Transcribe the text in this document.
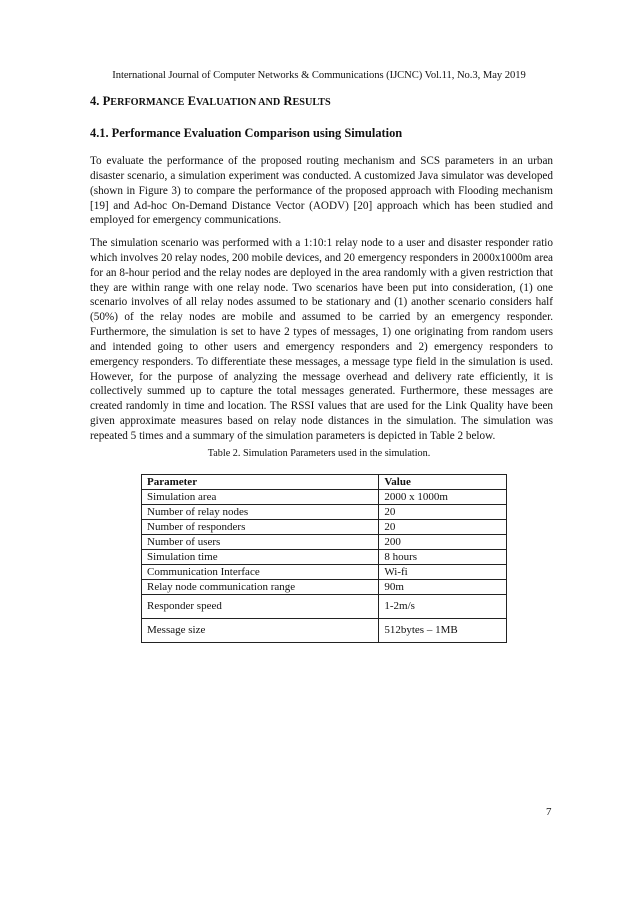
International Journal of Computer Networks & Communications (IJCNC) Vol.11, No.3, May 2019
4. PERFORMANCE EVALUATION AND RESULTS
4.1. Performance Evaluation Comparison using Simulation

To evaluate the performance of the proposed routing mechanism and SCS parameters in an urban disaster scenario, a simulation experiment was conducted. A customized Java simulator was developed (shown in Figure 3) to compare the performance of the proposed approach with Flooding mechanism [19] and Ad-hoc On-Demand Distance Vector (AODV) [20] approach which has been studied and employed for emergency communications.

The simulation scenario was performed with a 1:10:1 relay node to a user and disaster responder ratio which involves 20 relay nodes, 200 mobile devices, and 20 emergency responders in 2000x1000m area for an 8-hour period and the relay nodes are deployed in the area randomly with a given restriction that they are within range with one relay node. Two scenarios have been put into consideration, (1) one scenario involves of all relay nodes assumed to be stationary and (1) another scenario considers half (50%) of the relay nodes are mobile and assumed to be carried by an emergency responder. Furthermore, the simulation is set to have 2 types of messages, 1) one originating from random users and intended going to other users and emergency responders and 2) emergency responders to emergency responders. To differentiate these messages, a message type field in the simulation is used. However, for the purpose of analyzing the message overhead and delivery rate efficiently, it is collectively summed up to capture the total messages generated. Furthermore, these messages are created randomly in time and location. The RSSI values that are used for the Link Quality have been given approximate measures based on relay node distances in the simulation. The simulation was repeated 5 times and a summary of the simulation parameters is depicted in Table 2 below.

Table 2. Simulation Parameters used in the simulation.
Parameter	Value
Simulation area	2000 x 1000m
Number of relay nodes	20
Number of responders	20
Number of users	200
Simulation time	8 hours
Communication Interface	Wi-fi
Relay node communication range	90m
Responder speed	1-2m/s
Message size	512bytes – 1MB
7
